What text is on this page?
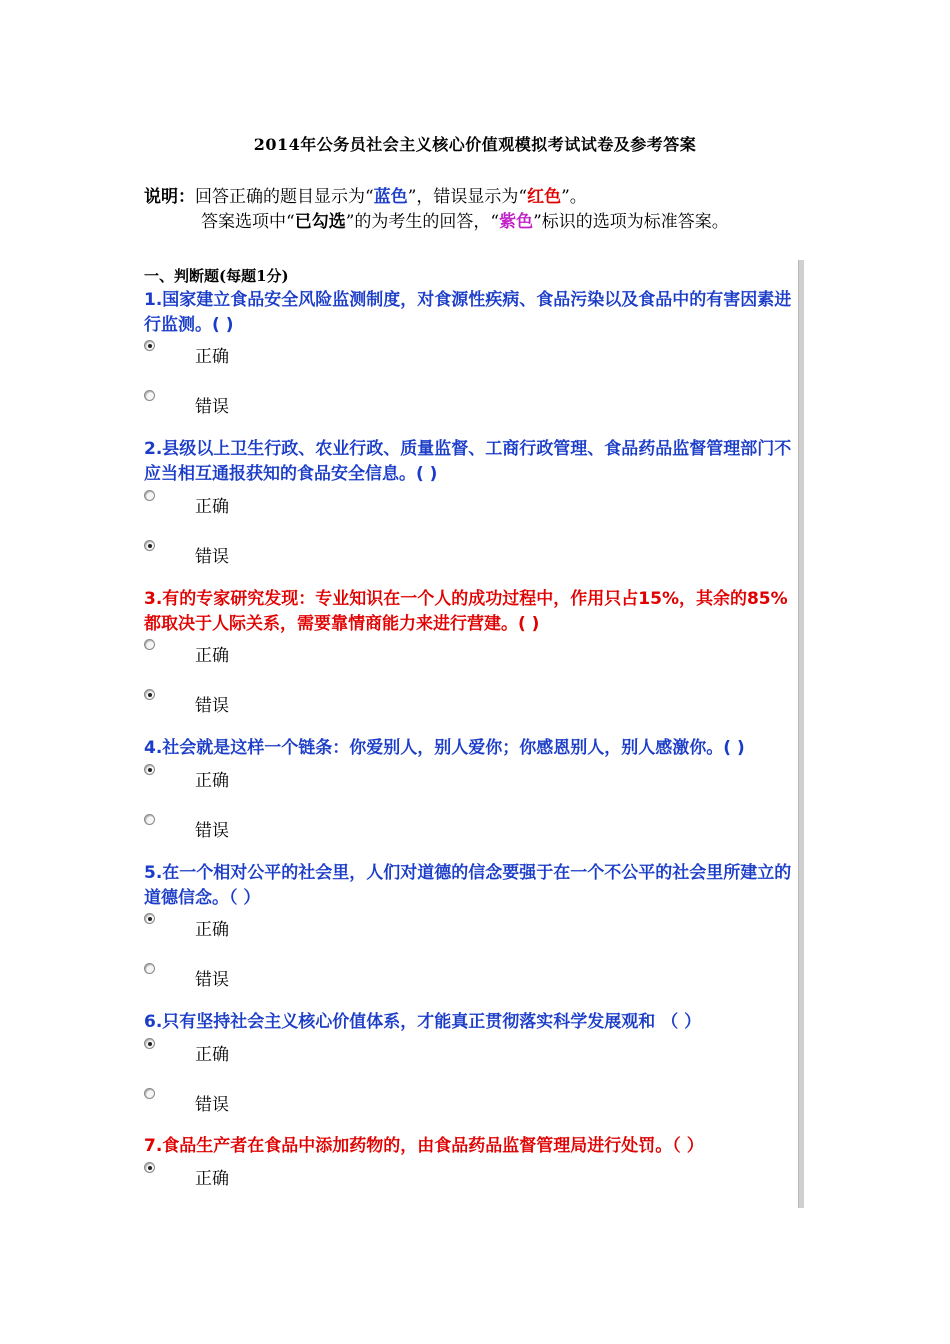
2014年公务员社会主义核心价值观模拟考试试卷及参考答案
说明：回答正确的题目显示为“蓝色”，错误显示为“红色”。
答案选项中“已勾选”的为考生的回答，“紫色”标识的选项为标准答案。
一、判断题(每题1分)
1.国家建立食品安全风险监测制度，对食源性疾病、食品污染以及食品中的有害因素进行监测。( )
正确
错误
2.县级以上卫生行政、农业行政、质量监督、工商行政管理、食品药品监督管理部门不应当相互通报获知的食品安全信息。( )
正确
错误
3.有的专家研究发现：专业知识在一个人的成功过程中，作用只占15%，其余的85%都取决于人际关系，需要靠情商能力来进行营建。( )
正确
错误
4.社会就是这样一个链条：你爱别人，别人爱你；你感恩别人，别人感激你。( )
正确
错误
5.在一个相对公平的社会里，人们对道德的信念要强于在一个不公平的社会里所建立的道德信念。（ ）
正确
错误
6.只有坚持社会主义核心价值体系，才能真正贯彻落实科学发展观和 （ ）
正确
错误
7.食品生产者在食品中添加药物的，由食品药品监督管理局进行处罚。（ ）
正确
